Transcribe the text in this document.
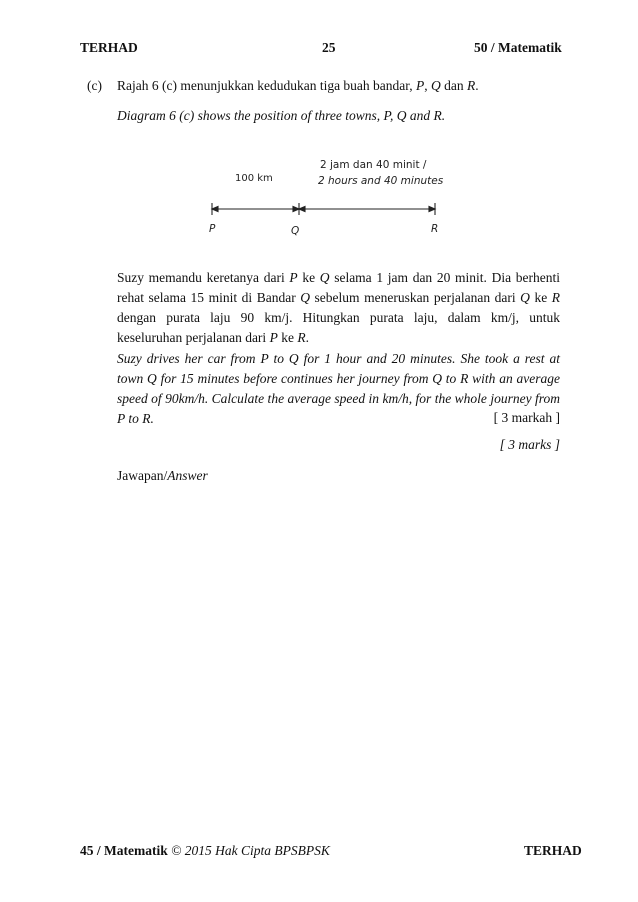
TERHAD	25	50 / Matematik
(c) Rajah 6 (c) menunjukkan kedudukan tiga buah bandar, P, Q dan R.
Diagram 6 (c) shows the position of three towns, P, Q and R.
100 km
2 jam dan 40 minit /
2 hours and 40 minutes
P	Q	R
Suzy memandu keretanya dari P ke Q selama 1 jam dan 20 minit. Dia berhenti rehat selama 15 minit di Bandar Q sebelum meneruskan perjalanan dari Q ke R dengan purata laju 90 km/j. Hitungkan purata laju, dalam km/j, untuk keseluruhan perjalanan dari P ke R.
Suzy drives her car from P to Q for 1 hour and 20 minutes. She took a rest at town Q for 15 minutes before continues her journey from Q to R with an average speed of 90km/h. Calculate the average speed in km/h, for the whole journey from P to R.	[ 3 markah ]
[ 3 marks ]
Jawapan/Answer
45 / Matematik © 2015 Hak Cipta BPSBPSK	TERHAD
